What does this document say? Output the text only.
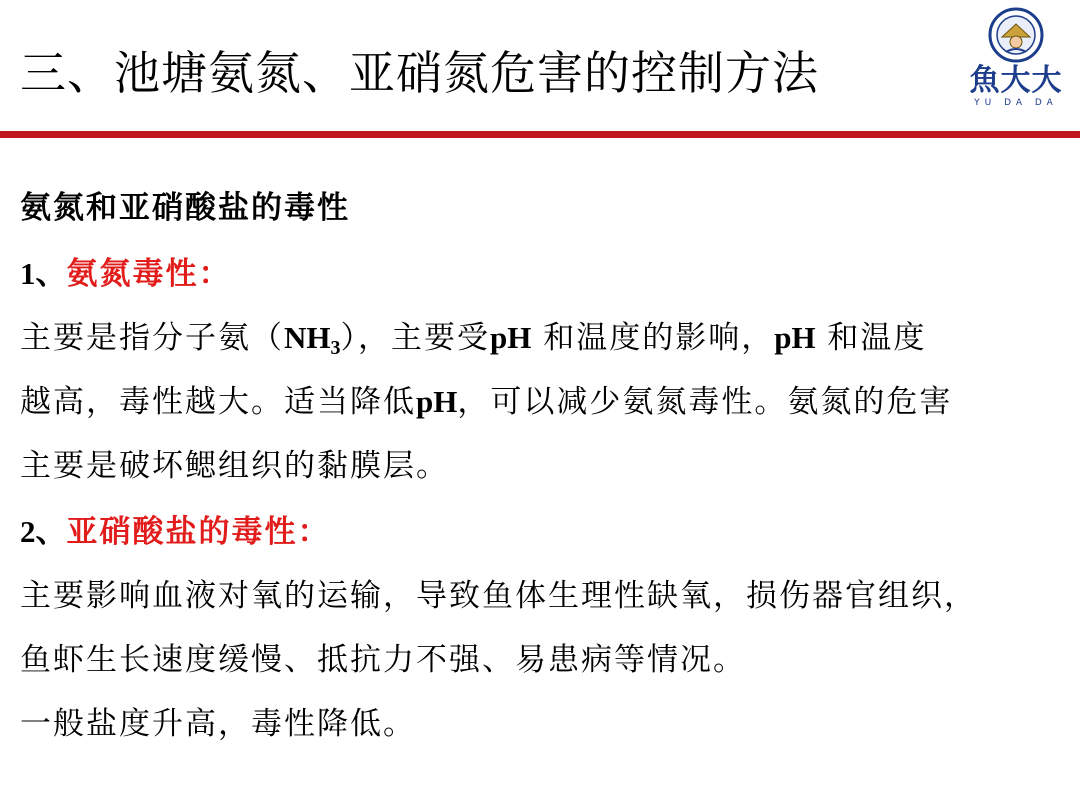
三、池塘氨氮、亚硝氮危害的控制方法	魚大大
YU DA DA
氨氮和亚硝酸盐的毒性
1、氨氮毒性：
主要是指分子氨$(NH_3)$，主要受pH 和温度的影响，pH 和温度
越高，毒性越大。适当降低pH，可以减少氨氮毒性。氨氮的危害
主要是破坏鳃组织的黏膜层。
2、亚硝酸盐的毒性：
主要影响血液对氧的运输，导致鱼体生理性缺氧，损伤器官组织，
鱼虾生长速度缓慢、抵抗力不强、易患病等情况。
一般盐度升高，毒性降低。
